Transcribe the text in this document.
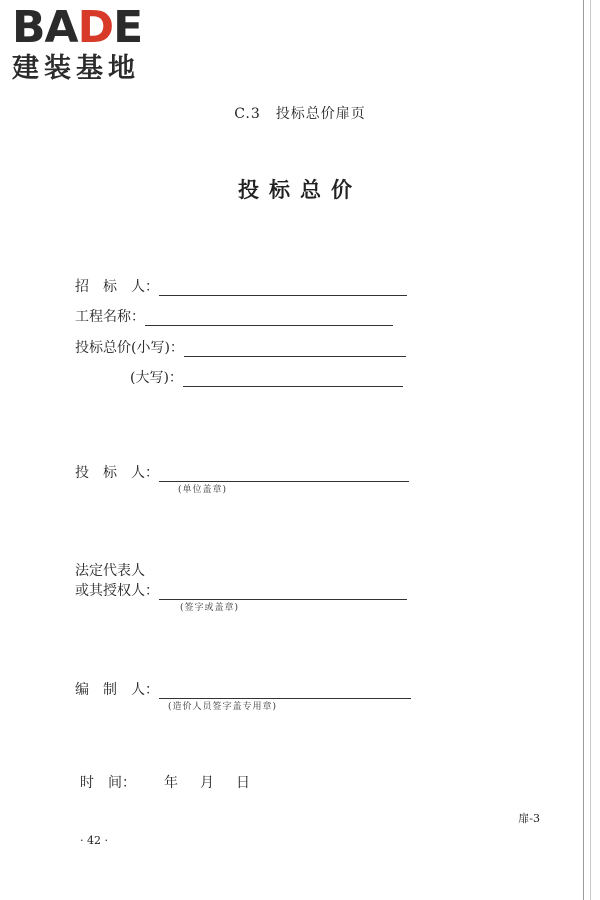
BADE
建装基地
C.3　投标总价扉页
投标总价
招　标　人：
工程名称：
投标总价(小写)：
(大写)：
投　标　人：
(单位盖章)
法定代表人
或其授权人：
(签字或盖章)
编　制　人：
(造价人员签字盖专用章)
时　间： 年 月 日
扉-3
· 42 ·
